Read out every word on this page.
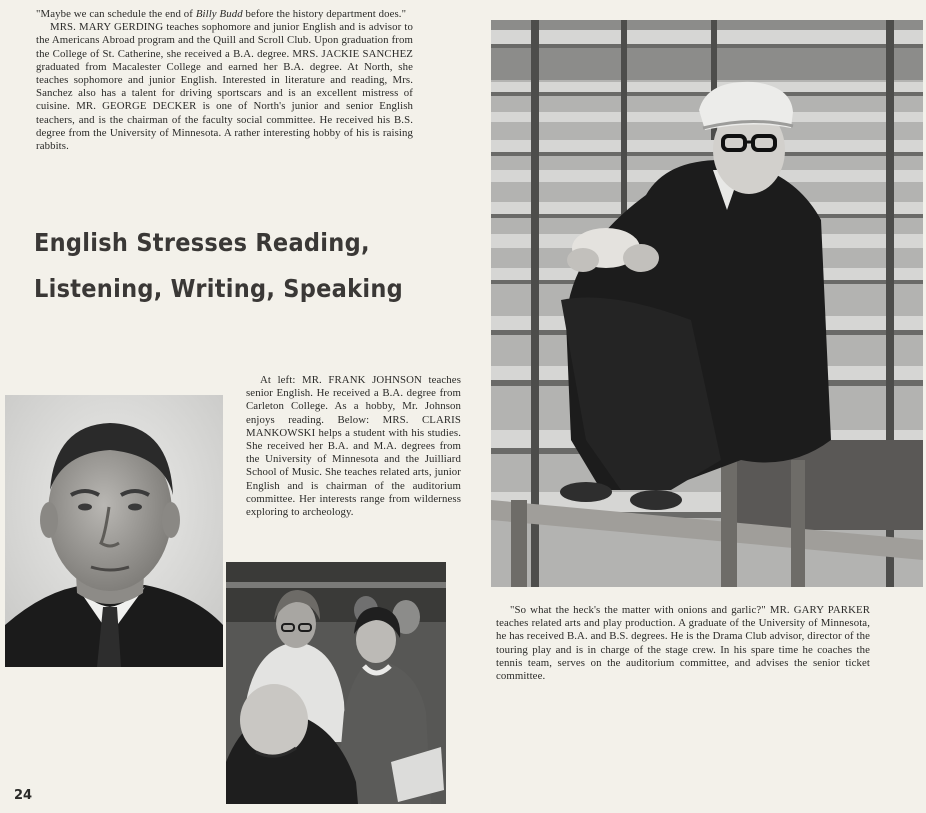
"Maybe we can schedule the end of Billy Budd before the history department does."

MRS. MARY GERDING teaches sophomore and junior English and is advisor to the Americans Abroad program and the Quill and Scroll Club. Upon graduation from the College of St. Catherine, she received a B.A. degree. MRS. JACKIE SANCHEZ graduated from Macalester College and earned her B.A. degree. At North, she teaches sophomore and junior English. Interested in literature and reading, Mrs. Sanchez also has a talent for driving sportscars and is an excellent mistress of cuisine. MR. GEORGE DECKER is one of North's junior and senior English teachers, and is the chairman of the faculty social committee. He received his B.S. degree from the University of Minnesota. A rather interesting hobby of his is raising rabbits.

English Stresses Reading,
Listening, Writing, Speaking
At left: MR. FRANK JOHNSON teaches senior English. He received a B.A. degree from Carleton College. As a hobby, Mr. Johnson enjoys reading. Below: MRS. CLARIS MANKOWSKI helps a student with his studies. She received her B.A. and M.A. degrees from the University of Minnesota and the Juilliard School of Music. She teaches related arts, junior English and is chairman of the auditorium committee. Her interests range from wilderness exploring to archeology.
"So what the heck's the matter with onions and garlic?" MR. GARY PARKER teaches related arts and play production. A graduate of the University of Minnesota, he has received B.A. and B.S. degrees. He is the Drama Club advisor, director of the touring play and is in charge of the stage crew. In his spare time he coaches the tennis team, serves on the auditorium committee, and advises the senior ticket committee.
24
